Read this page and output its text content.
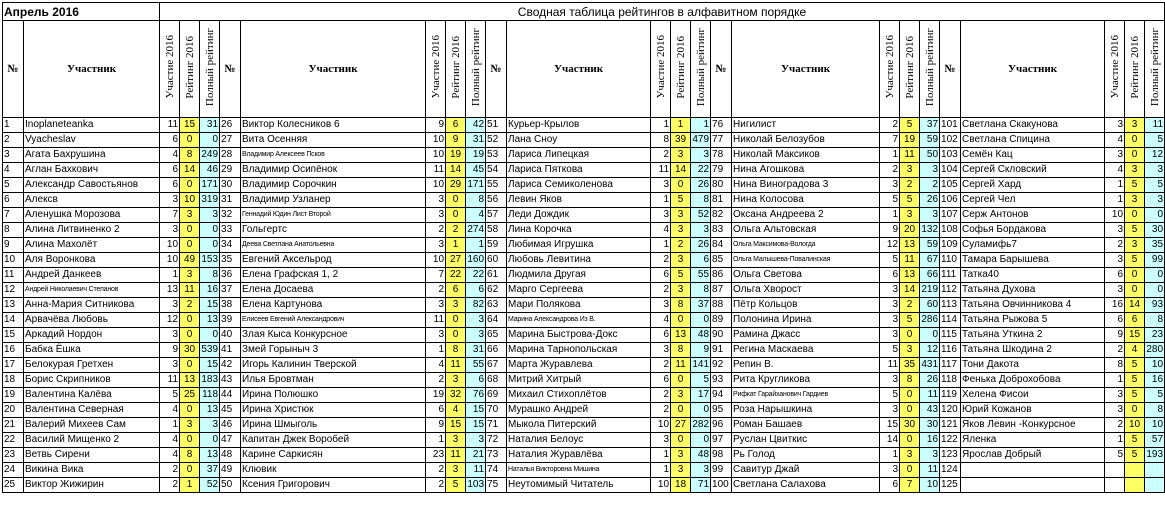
Апрель 2016		Сводная таблица рейтингов в алфавитном порядке																						
№	Участник	Участие 2016	Рейтинг 2016	Полный рейтинг	№	Участник	Участие 2016	Рейтинг 2016	Полный рейтинг	№	Участник	Участие 2016	Рейтинг 2016	Полный рейтинг	№	Участник	Участие 2016	Рейтинг 2016	Полный рейтинг	№	Участник	Участие 2016	Рейтинг 2016	Полный рейтинг
1	Inoplaneteanka	11	15	31	26	Виктор Колесников 6	9	6	42	51	Курьер-Крылов	1	1	1	76	Нигилист	2	5	37	101	Светлана Скакунова	3	3	11
2	Vyacheslav	6	0	0	27	Вита Осенняя	10	9	31	52	Лана Сноу	8	39	479	77	Николай Белозубов	7	19	59	102	Светлана Спицина	4	0	5
3	Агата Бахрушина	4	8	249	28	Владимир Алексеев Псков	10	19	19	53	Лариса Липецкая	2	3	3	78	Николай Максиков	1	11	50	103	Семён Кац	3	0	12
4	Аглан Бахкович	6	14	46	29	Владимир Осипёнок	11	14	45	54	Лариса Пяткова	11	14	22	79	Нина Агошкова	2	3	3	104	Сергей Скловский	4	3	3
5	Александр Савостьянов	6	0	171	30	Владимир Сорочкин	10	29	171	55	Лариса Семиколенова	3	0	26	80	Нина Виноградова 3	3	2	2	105	Сергей Хард	1	5	5
6	Алексв	3	10	319	31	Владимир Узланер	3	0	8	56	Левин Яков	1	5	8	81	Нина Колосова	5	5	26	106	Сергей Чел	1	3	3
7	Аленушка Морозова	7	3	3	32	Геннадий Юдин Лист Второй	3	0	4	57	Леди Дождик	3	3	52	82	Оксана Андреева 2	1	3	3	107	Серж Антонов	10	0	0
8	Алина Литвиненко 2	3	0	0	33	Гольгертс	2	2	274	58	Лина Корочка	4	3	3	83	Ольга Альтовская	9	20	132	108	Софья Бордакова	3	5	30
9	Алина Махолёт	10	0	0	34	Деева Светлана Анатольевна	3	1	1	59	Любимая Игрушка	1	2	26	84	Ольга Максимова-Вологда	12	13	59	109	Суламифь7	2	3	35
10	Аля Воронкова	10	49	153	35	Евгений Аксельрод	10	27	160	60	Любовь Левитина	2	3	6	85	Ольга Малышева-Повалинская	5	11	67	110	Тамара Барышева	3	5	99
11	Андрей Данкеев	1	3	8	36	Елена Графская 1, 2	7	22	22	61	Людмила Другая	6	5	55	86	Ольга Светова	6	13	66	111	Татка40	6	0	0
12	Андрей Николаевич Степанов	13	11	16	37	Елена Досаева	2	6	6	62	Марго Сергеева	2	3	8	87	Ольга Хворост	3	14	219	112	Татьяна Духова	3	0	0
13	Анна-Мария Ситникова	3	2	15	38	Елена Картунова	3	3	82	63	Мари Полякова	3	8	37	88	Пётр Кольцов	3	2	60	113	Татьяна Овчинникова 4	16	14	93
14	Арвачёва Любовь	12	0	13	39	Елисеев Евгений Александрович	11	0	3	64	Марина Александрова Из В.	4	0	0	89	Полонина Ирина	3	5	286	114	Татьяна Рыжова 5	6	6	8
15	Аркадий Нордон	3	0	0	40	Злая Кыса Конкурсное	3	0	3	65	Марина Быстрова-Докс	6	13	48	90	Рамина Джасс	3	0	0	115	Татьяна Уткина 2	9	15	23
16	Бабка Ёшка	9	30	539	41	Змей Горыныч 3	1	8	31	66	Марина Тарнопольская	3	8	9	91	Регина Маскаева	5	3	12	116	Татьяна Шкодина 2	2	4	280
17	Белокурая Гретхен	3	0	15	42	Игорь Калинин Тверской	4	11	55	67	Марта Журавлева	2	11	141	92	Репин В.	11	35	431	117	Тони Дакота	8	5	10
18	Борис Скрипников	11	13	183	43	Илья Бровтман	2	3	6	68	Митрий Хитрый	6	0	5	93	Рита Кругликова	3	8	26	118	Фенька Доброхобова	1	5	16
19	Валентина Калёва	5	25	118	44	Ирина Полюшко	19	32	76	69	Михаил Стихоплётов	2	3	17	94	Рифкат Гарайханович Гардиев	5	0	11	119	Хелена Фисои	3	5	5
20	Валентина Северная	4	0	13	45	Ирина Христюк	6	4	15	70	Мурашко Андрей	2	0	0	95	Роза Нарышкина	3	0	43	120	Юрий Кожанов	3	0	8
21	Валерий Михеев Сам	1	3	3	46	Ирина Шмыголь	9	15	15	71	Мыкола Питерский	10	27	282	96	Роман Башаев	15	30	30	121	Яков Левин -Конкурсное	2	10	10
22	Василий Мищенко 2	4	0	0	47	Капитан Джек Воробей	1	3	3	72	Наталия Белоус	3	0	0	97	Руслан Цвиткис	14	0	16	122	Яленка	1	5	57
23	Ветвь Сирени	4	8	13	48	Карине Саркисян	23	11	21	73	Наталия Журавлёва	1	3	48	98	Рь Голод	1	3	3	123	Ярослав Добрый	5	5	193
24	Викина Вика	2	0	37	49	Клювик	2	3	11	74	Наталья Викторовна Мишина	1	3	3	99	Савитур Джай	3	0	11	124				
25	Виктор Жижирин	2	1	52	50	Ксения Григорович	2	5	103	75	Неутомимый Читатель	10	18	71	100	Светлана Салахова	6	7	10	125				
